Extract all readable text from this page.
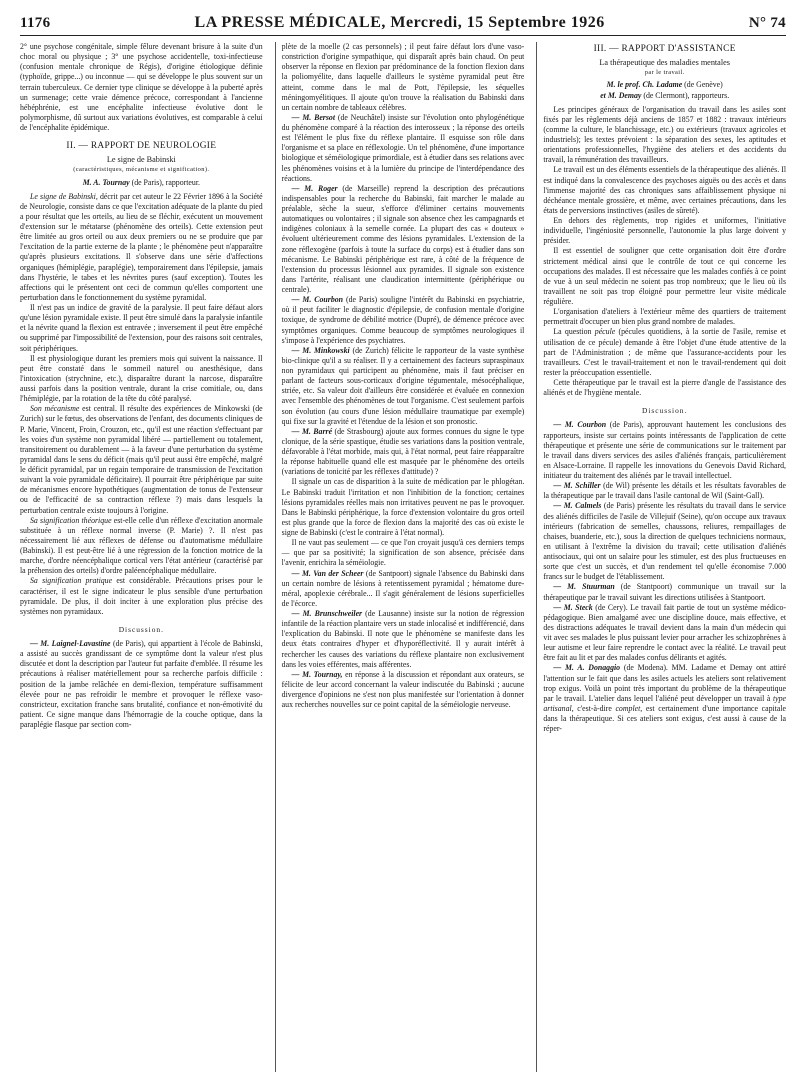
1176	LA PRESSE MÉDICALE, Mercredi, 15 Septembre 1926	N° 74

2° une psychose congénitale, simple fêlure devenant brisure à la suite d'un choc moral ou physique ; 3° une psychose accidentelle, toxi-infectieuse (confusion mentale chronique de Régis), d'origine étiologique définie (typhoïde, grippe...) ou inconnue — qui se développe le plus souvent sur un terrain tuberculeux. Ce dernier type clinique se développe à la puberté après un surmenage; cette vraie démence précoce, correspondant à l'ancienne hébéphrénie, est une encéphalite infectieuse évolutive dont le polymorphisme, dû surtout aux variations évolutives, est comparable à celui de l'encéphalite épidémique.

II. — RAPPORT DE NEUROLOGIE
Le signe de Babinski
(caractéristiques, mécanisme et signification).
M. A. Tournay (de Paris), rapporteur.

Le signe de Babinski, décrit par cet auteur le 22 Février 1896 à la Société de Neurologie, consiste dans ce que l'excitation adéquate de la plante du pied a pour résultat que les orteils, au lieu de se fléchir, exécutent un mouvement d'extension sur le métatarse (phénomène des orteils). Cette extension peut être limitée au gros orteil ou aux deux premiers ou ne se produire que par l'excitation de la partie externe de la plante ; le phénomène peut n'apparaître qu'après plusieurs excitations. Il s'observe dans une série d'affections organiques (hémiplégie, paraplégie), temporairement dans l'épilepsie, jamais dans l'hystérie, le tabes et les névrites pures (sauf exception). Toutes les affections qui le présentent ont ceci de commun qu'elles comportent une perturbation dans le fonctionnement du système pyramidal.

Il n'est pas un indice de gravité de la paralysie. Il peut faire défaut alors qu'une lésion pyramidale existe. Il peut être simulé dans la paralysie infantile et la névrite quand la flexion est entravée ; inversement il peut être empêché ou supprimé par l'impossibilité de l'extension, pour des raisons soit centrales, soit périphériques.

Il est physiologique durant les premiers mois qui suivent la naissance. Il peut être constaté dans le sommeil naturel ou anesthésique, dans l'intoxication (strychnine, etc.), disparaître durant la narcose, disparaître aussi parfois dans la position ventrale, durant la crise comitiale, ou, dans l'hémiplégie, par la rotation de la tête du côté paralysé.

Son mécanisme est central. Il résulte des expériences de Minkowski (de Zurich) sur le fœtus, des observations de l'enfant, des documents cliniques de P. Marie, Vincent, Froin, Crouzon, etc., qu'il est une réaction s'effectuant par les voies d'un système non pyramidal libéré — partiellement ou totalement, transitoirement ou durablement — à la faveur d'une perturbation du système pyramidal dans le sens du déficit (mais qu'il peut aussi être empêché, malgré le déficit pyramidal, par un regain temporaire de transmission de l'excitation suivant la voie pyramidale déficitaire). Il pourrait être périphérique par suite de mécanismes encore hypothétiques (augmentation de tonus de l'extenseur ou de l'efficacité de sa contraction réflexe ?) mais dans lesquels la perturbation centrale existe toujours à l'origine.

Sa signification théorique est-elle celle d'un réflexe d'excitation anormale substituée à un réflexe normal inverse (P. Marie) ?. Il n'est pas nécessairement lié aux réflexes de défense ou d'automatisme médullaire (Babinski). Il est peut-être lié à une régression de la fonction motrice de la marche, d'ordre néencéphalique cortical vers l'état antérieur (caractérisé par la préhension des orteils) d'ordre paléencéphalique médullaire.

Sa signification pratique est considérable. Précautions prises pour le caractériser, il est le signe indicateur le plus sensible d'une perturbation pyramidale. De plus, il doit inciter à une exploration plus précise des systèmes non pyramidaux.

Discussion.

— M. Laignel-Lavastine (de Paris), qui appartient à l'école de Babinski, a assisté au succès grandissant de ce symptôme dont la valeur n'est plus discutée et dont la description par l'auteur fut parfaite d'emblée. Il résume les précautions à réaliser matériellement pour sa recherche parfois difficile : position de la jambe relâchée en demi-flexion, température suffisamment élevée pour ne pas refroidir le membre et provoquer le réflexe vaso-constricteur, excitation franche sans brutalité, confiance et non-émotivité du patient. Ce signe manque dans l'hémorragie de la couche optique, dans la paraplégie flasque par section com-

plète de la moelle (2 cas personnels) ; il peut faire défaut lors d'une vaso-constriction d'origine sympathique, qui disparaît après bain chaud. On peut observer la réponse en flexion par prédominance de la fonction flexion dans la poliomyélite, dans laquelle d'ailleurs le système pyramidal peut être atteint, comme dans le mal de Pott, l'épilepsie, les séquelles méningomyélitiques. Il ajoute qu'on trouve la réalisation du Babinski dans un certain nombre de tableaux célèbres.

— M. Bersot (de Neuchâtel) insiste sur l'évolution onto phylogénétique du phénomène comparé à la réaction des interosseux ; la réponse des orteils est l'élément le plus fixe du réflexe plantaire. Il esquisse son rôle dans l'organisme et sa place en réflexologie. Un tel phénomène, d'une importance biologique et séméiologique primordiale, est à étudier dans ses relations avec les phénomènes voisins et à la lumière du principe de l'interdépendance des réactions.

— M. Roger (de Marseille) reprend la description des précautions indispensables pour la recherche du Babinski, fait marcher le malade au préalable, sèche la sueur, s'efforce d'éliminer certains mouvements automatiques ou volontaires ; il signale son absence chez les campagnards et indigènes coloniaux à la semelle cornée. La plupart des cas « douteux » évoluent ultérieurement comme des lésions pyramidales. L'extension de la zone réflexogène (parfois à toute la surface du corps) est à étudier dans son mécanisme. Le Babinski périphérique est rare, à côté de la fréquence de l'extension du processus lésionnel aux pyramides. Il signale son existence dans l'artérite, réalisant une claudication intermittente (périphérique ou centrale).

— M. Courbon (de Paris) souligne l'intérêt du Babinski en psychiatrie, où il peut faciliter le diagnostic d'épilepsie, de confusion mentale d'origine toxique, de syndrome de débilité motrice (Dupré), de démence précoce avec symptômes organiques. Comme beaucoup de symptômes neurologiques il s'impose à l'expérience des psychiatres.

— M. Minkowski (de Zurich) félicite le rapporteur de la vaste synthèse bio-clinique qu'il a su réaliser. Il y a certainement des facteurs supraspinaux non pyramidaux qui participent au phénomène, mais il faut préciser en parlant de facteurs sous-corticaux d'origine tégumentale, mésocéphalique, striée, etc. Sa valeur doit d'ailleurs être considérée et évaluée en connexion avec l'ensemble des phénomènes de tout l'organisme. C'est seulement parfois son évolution (au cours d'une lésion médullaire traumatique par exemple) qui fixe sur la gravité et l'étendue de la lésion et son pronostic.

— M. Barré (de Strasbourg) ajoute aux formes connues du signe le type clonique, de la série spastique, étudie ses variations dans la position ventrale, défavorable à l'état morbide, mais qui, à l'état normal, peut faire réapparaître la réponse habituelle quand elle est masquée par le phénomène des orteils (variations de tonicité par les réflexes d'attitude) ?

Il signale un cas de disparition à la suite de médication par le phlogétan. Le Babinski traduit l'irritation et non l'inhibition de la fonction; certaines lésions pyramidales réelles mais non irritatives peuvent ne pas le provoquer. Dans le Babinski périphérique, la force d'extension volontaire du gros orteil est plus grande que la force de flexion dans la majorité des cas où existe le signe de Babinski (c'est le contraire à l'état normal).

Il ne vaut pas seulement — ce que l'on croyait jusqu'à ces derniers temps — que par sa positivité; la signification de son absence, précisée dans l'avenir, enrichira la séméiologie.

— M. Van der Scheer (de Santpoort) signale l'absence du Babinski dans un certain nombre de lésions à retentissement pyramidal ; hématome dure-méral, apoplexie cérébrale... Il s'agit généralement de lésions superficielles de l'écorce.

— M. Brunschweiler (de Lausanne) insiste sur la notion de régression infantile de la réaction plantaire vers un stade inlocalisé et indifférencié, dans l'explication du Babinski. Il note que le phénomène se manifeste dans les deux états contraires d'hyper et d'hyporéflectivité. Il y aurait intérêt à rechercher les causes des variations du réflexe plantaire non exclusivement dans les voies efférentes, mais afférentes.

— M. Tournay, en réponse à la discussion et répondant aux orateurs, se félicite de leur accord concernant la valeur indiscutée du Babinski ; aucune divergence d'opinions ne s'est non plus manifestée sur l'orientation à donner aux recherches nouvelles sur ce point capital de la séméiologie nerveuse.

III. — RAPPORT D'ASSISTANCE
La thérapeutique des maladies mentales
par le travail.
M. le prof. Ch. Ladame (de Genève)
et M. Demay (de Clermont), rapporteurs.

Les principes généraux de l'organisation du travail dans les asiles sont fixés par les règlements déjà anciens de 1857 et 1882 : travaux intérieurs (comme la culture, le blanchissage, etc.) ou extérieurs (travaux agricoles et industriels); les textes prévoient : la séparation des sexes, les aptitudes et orientations professionnelles, l'hygiène des ateliers et des accidents du travail, la rémunération des travailleurs.

Le travail est un des éléments essentiels de la thérapeutique des aliénés. Il est indiqué dans la convalescence des psychoses aiguës ou des accès et dans l'immense majorité des cas chroniques sans affaiblissement physique ni déchéance mentale grossière, et même, avec certaines précautions, dans les états de perversions instinctives (asiles de sûreté).

En dehors des règlements, trop rigides et uniformes, l'initiative individuelle, l'ingéniosité personnelle, l'autonomie la plus large doivent y présider.

Il est essentiel de souligner que cette organisation doit être d'ordre strictement médical ainsi que le contrôle de tout ce qui concerne les occupations des malades. Il est nécessaire que les malades confiés à ce point de vue à un seul médecin ne soient pas trop nombreux; que le lieu où ils travaillent ne soit pas trop éloigné pour permettre leur visite médicale régulière.

L'organisation d'ateliers à l'extérieur même des quartiers de traitement permettrait d'occuper un bien plus grand nombre de malades.

La question pécule (pécules quotidiens, à la sortie de l'asile, remise et utilisation de ce pécule) demande à être l'objet d'une étude attentive de la part de l'Administration ; de même que l'assurance-accidents pour les travailleurs. C'est le travail-traitement et non le travail-rendement qui doit rester la préoccupation essentielle.

Cette thérapeutique par le travail est la pierre d'angle de l'assistance des aliénés et de l'hygiène mentale.

Discussion.

— M. Courbon (de Paris), approuvant hautement les conclusions des rapporteurs, insiste sur certains points intéressants de l'application de cette thérapeutique et présente une série de communications sur le traitement par le travail dans divers services des asiles d'aliénés français, particulièrement en Alsace-Lorraine. Il rappelle les innovations du Genevois David Richard, initiateur du traitement des aliénés par le travail intellectuel.

— M. Schiller (de Wil) présente les détails et les résultats favorables de la thérapeutique par le travail dans l'asile cantonal de Wil (Saint-Gall).

— M. Calmels (de Paris) présente les résultats du travail dans le service des aliénés difficiles de l'asile de Villejuif (Seine), qu'on occupe aux travaux intérieurs (fabrication de semelles, chaussons, reliures, rempaillages de chaises, buanderie, etc.), sous la direction de quelques techniciens normaux, en utilisant à l'extrême la division du travail; cette utilisation d'aliénés antisociaux, qui ont un salaire pour les stimuler, est des plus fructueuses en sorte que c'est un succès, et d'un rendement tel qu'elle économise 7.000 francs sur le budget de l'établissement.

— M. Stuurman (de Stantpoort) communique un travail sur la thérapeutique par le travail suivant les directions utilisées à Stantpoort.

— M. Steck (de Cery). Le travail fait partie de tout un système médico-pédagogique. Bien amalgamé avec une discipline douce, mais effective, et des distractions adéquates le travail devient dans la main d'un médecin qui vit avec ses malades le plus puissant levier pour arracher les schizophrènes à leur autisme et leur faire reprendre le contact avec la réalité. Le travail peut être fait au lit et par des malades confus délirants et agités.

— M. A. Donaggio (de Modena). MM. Ladame et Demay ont attiré l'attention sur le fait que dans les asiles actuels les ateliers sont relativement trop exigus. Voilà un point très important du problème de la thérapeutique par le travail. L'atelier dans lequel l'aliéné peut développer un travail à type artisanal, c'est-à-dire complet, est certainement d'une importance capitale dans la thérapeutique. Si ces ateliers sont exigus, c'est aussi à cause de la réper-
